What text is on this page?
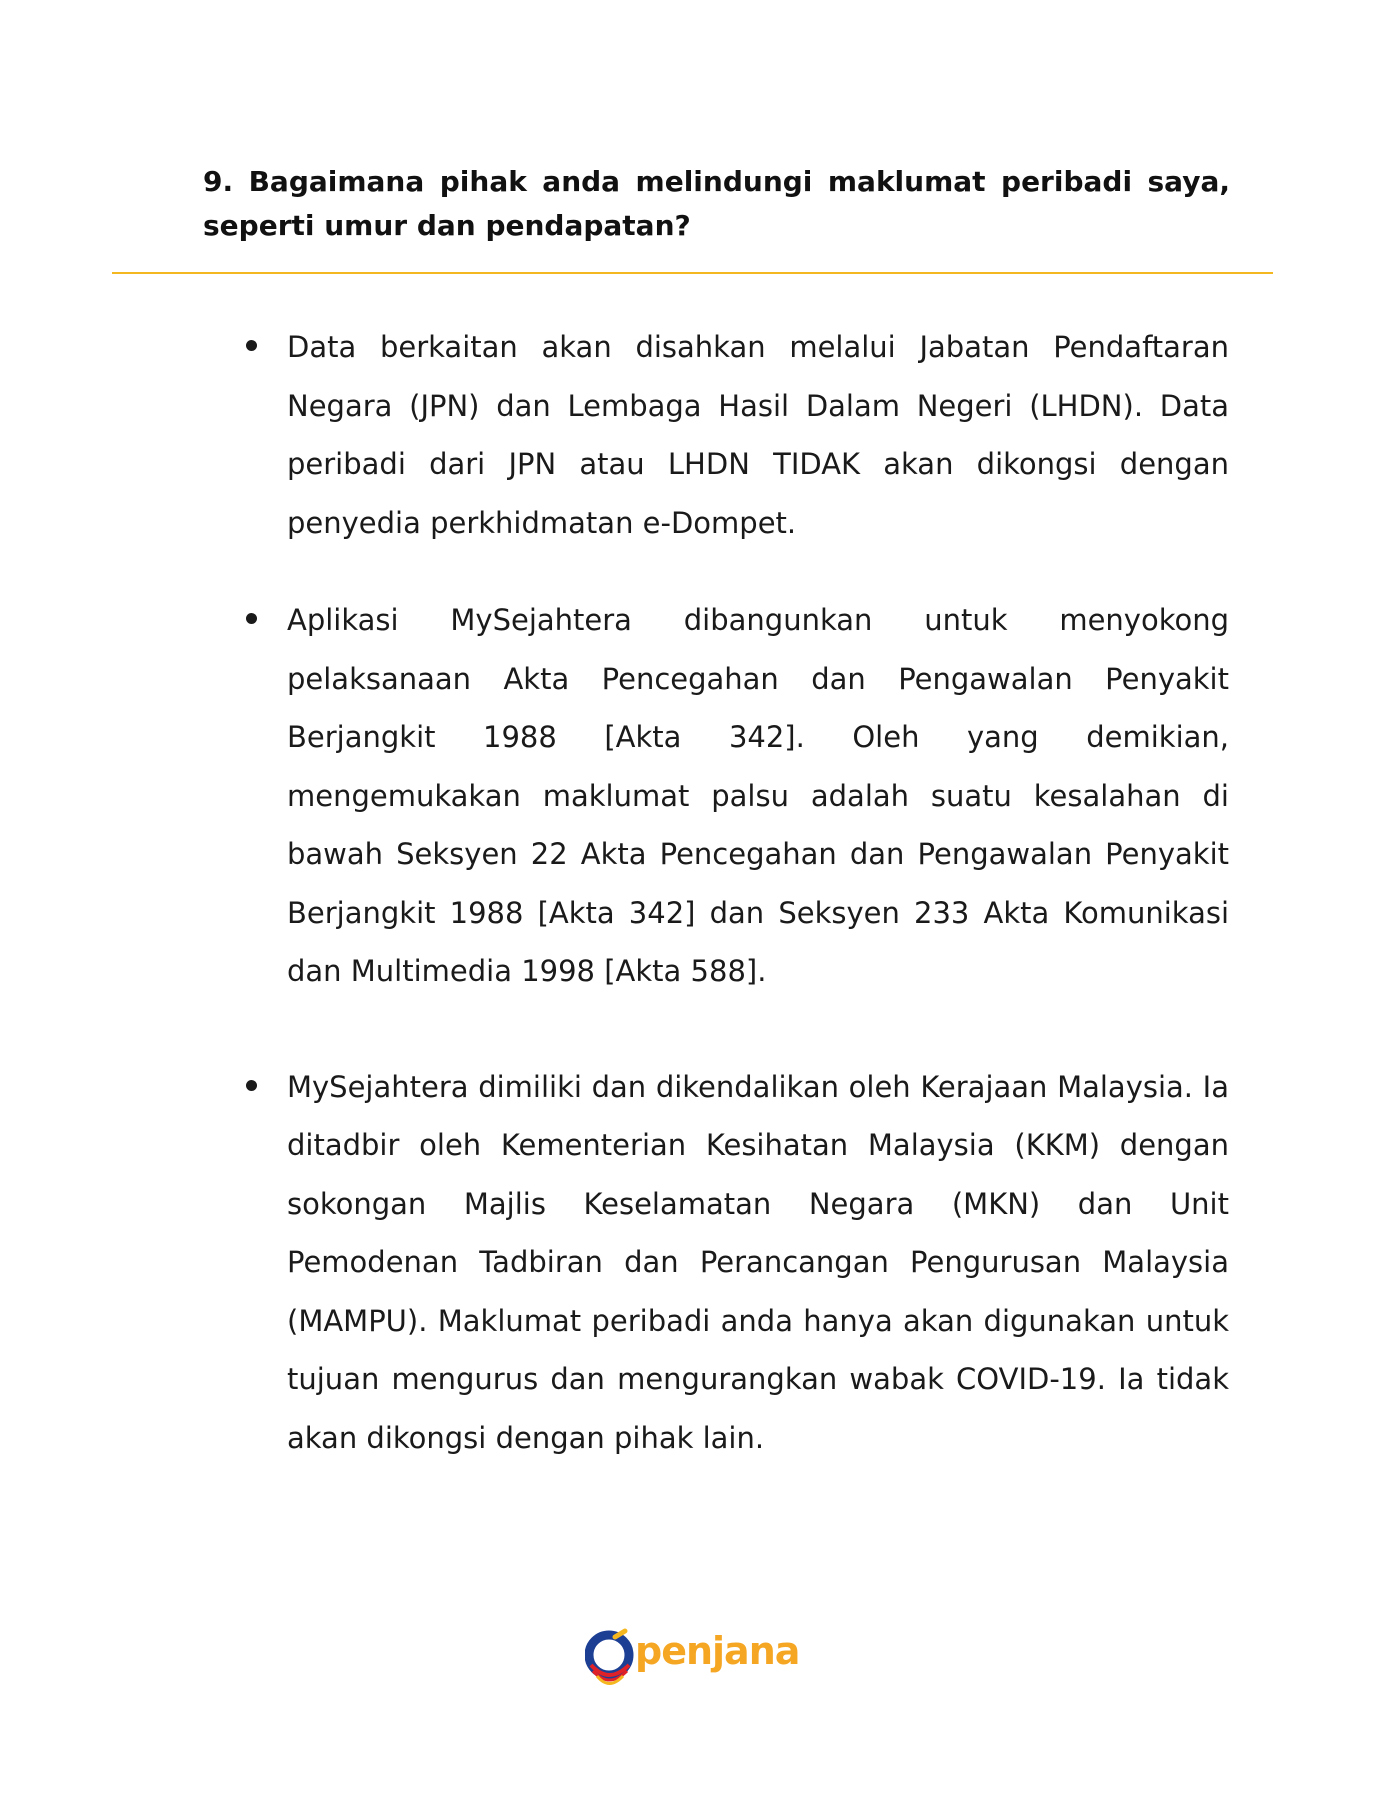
9. Bagaimana pihak anda melindungi maklumat peribadi saya, seperti umur dan pendapatan?

Data berkaitan akan disahkan melalui Jabatan Pendaftaran Negara (JPN) dan Lembaga Hasil Dalam Negeri (LHDN). Data peribadi dari JPN atau LHDN TIDAK akan dikongsi dengan penyedia perkhidmatan e-Dompet.
Aplikasi MySejahtera dibangunkan untuk menyokong pelaksanaan Akta Pencegahan dan Pengawalan Penyakit Berjangkit 1988 [Akta 342]. Oleh yang demikian, mengemukakan maklumat palsu adalah suatu kesalahan di bawah Seksyen 22 Akta Pencegahan dan Pengawalan Penyakit Berjangkit 1988 [Akta 342] dan Seksyen 233 Akta Komunikasi dan Multimedia 1998 [Akta 588].
MySejahtera dimiliki dan dikendalikan oleh Kerajaan Malaysia. Ia ditadbir oleh Kementerian Kesihatan Malaysia (KKM) dengan sokongan Majlis Keselamatan Negara (MKN) dan Unit Pemodenan Tadbiran dan Perancangan Pengurusan Malaysia (MAMPU). Maklumat peribadi anda hanya akan digunakan untuk tujuan mengurus dan mengurangkan wabak COVID-19. Ia tidak akan dikongsi dengan pihak lain.
penjana
